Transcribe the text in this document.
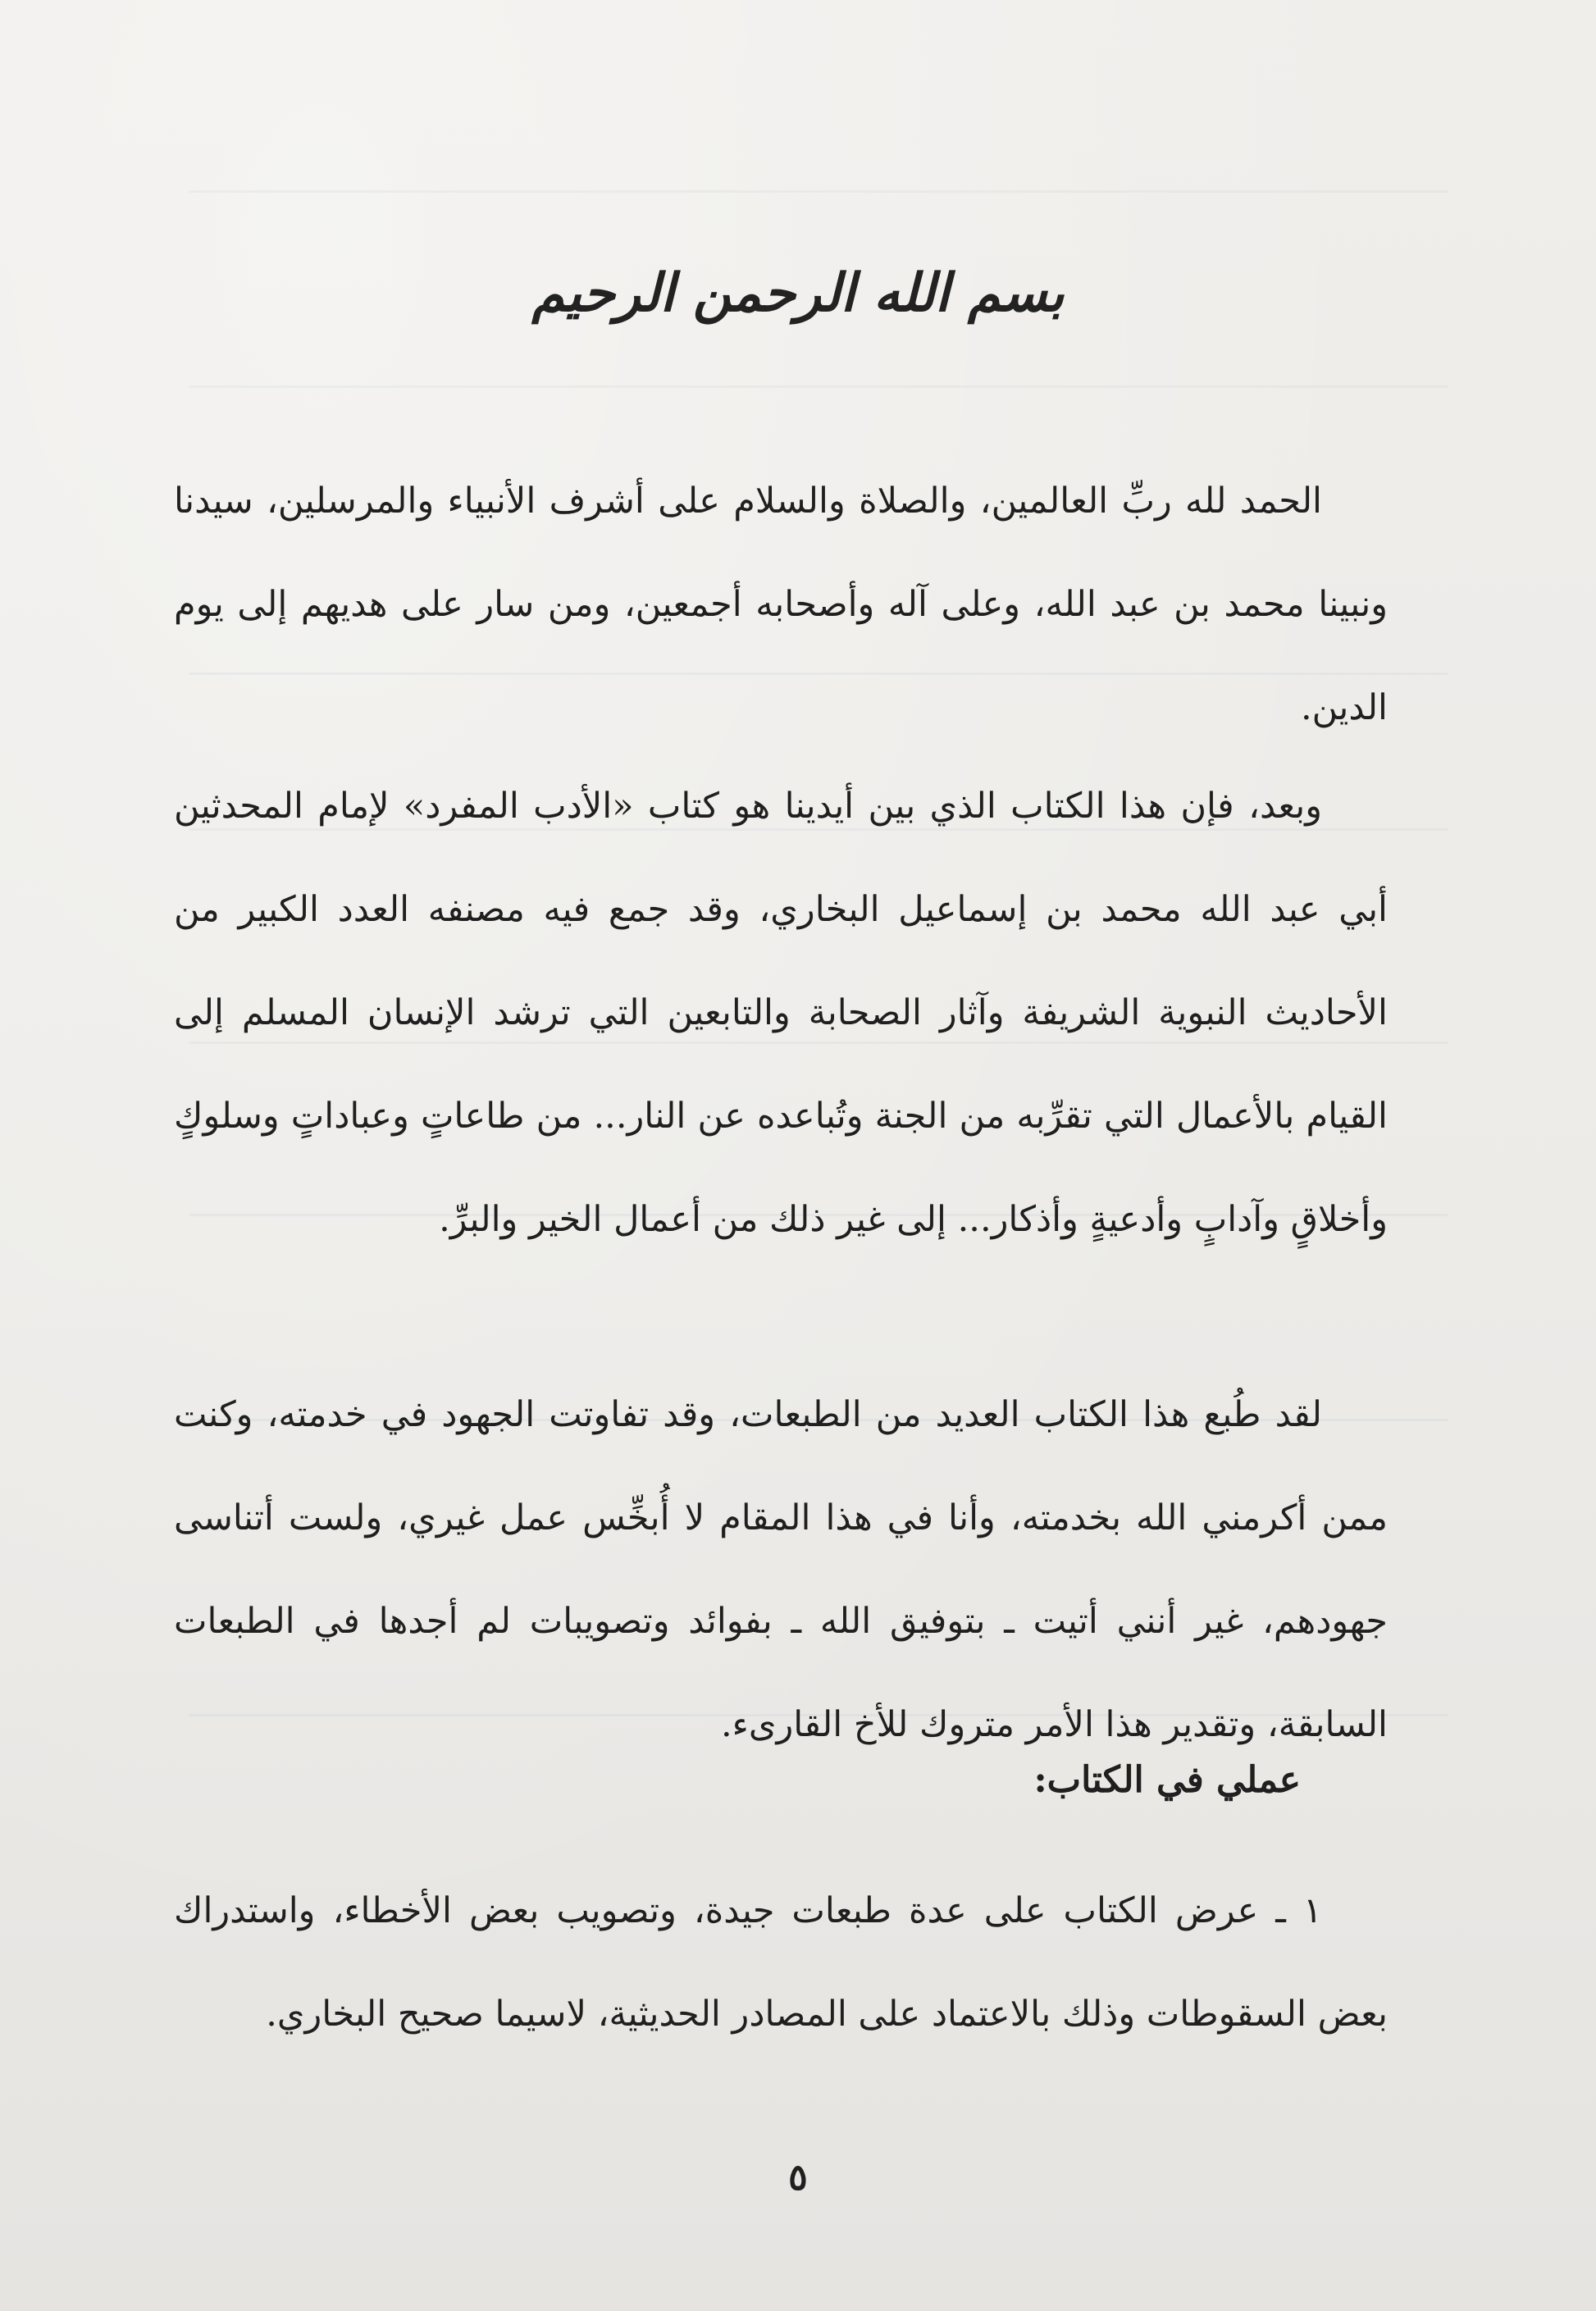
بسم الله الرحمن الرحيم

الحمد لله ربِّ العالمين، والصلاة والسلام على أشرف الأنبياء والمرسلين، سيدنا ونبينا محمد بن عبد الله، وعلى آله وأصحابه أجمعين، ومن سار على هديهم إلى يوم الدين.

وبعد، فإن هذا الكتاب الذي بين أيدينا هو كتاب «الأدب المفرد» لإمام المحدثين أبي عبد الله محمد بن إسماعيل البخاري، وقد جمع فيه مصنفه العدد الكبير من الأحاديث النبوية الشريفة وآثار الصحابة والتابعين التي ترشد الإنسان المسلم إلى القيام بالأعمال التي تقرِّبه من الجنة وتُباعده عن النار... من طاعاتٍ وعباداتٍ وسلوكٍ وأخلاقٍ وآدابٍ وأدعيةٍ وأذكار... إلى غير ذلك من أعمال الخير والبرِّ.

لقد طُبع هذا الكتاب العديد من الطبعات، وقد تفاوتت الجهود في خدمته، وكنت ممن أكرمني الله بخدمته، وأنا في هذا المقام لا أُبخِّس عمل غيري، ولست أتناسى جهودهم، غير أنني أتيت ـ بتوفيق الله ـ بفوائد وتصويبات لم أجدها في الطبعات السابقة، وتقدير هذا الأمر متروك للأخ القارىء.

عملي في الكتاب:

١ ـ عرض الكتاب على عدة طبعات جيدة، وتصويب بعض الأخطاء، واستدراك بعض السقوطات وذلك بالاعتماد على المصادر الحديثية، لاسيما صحيح البخاري.

٥
